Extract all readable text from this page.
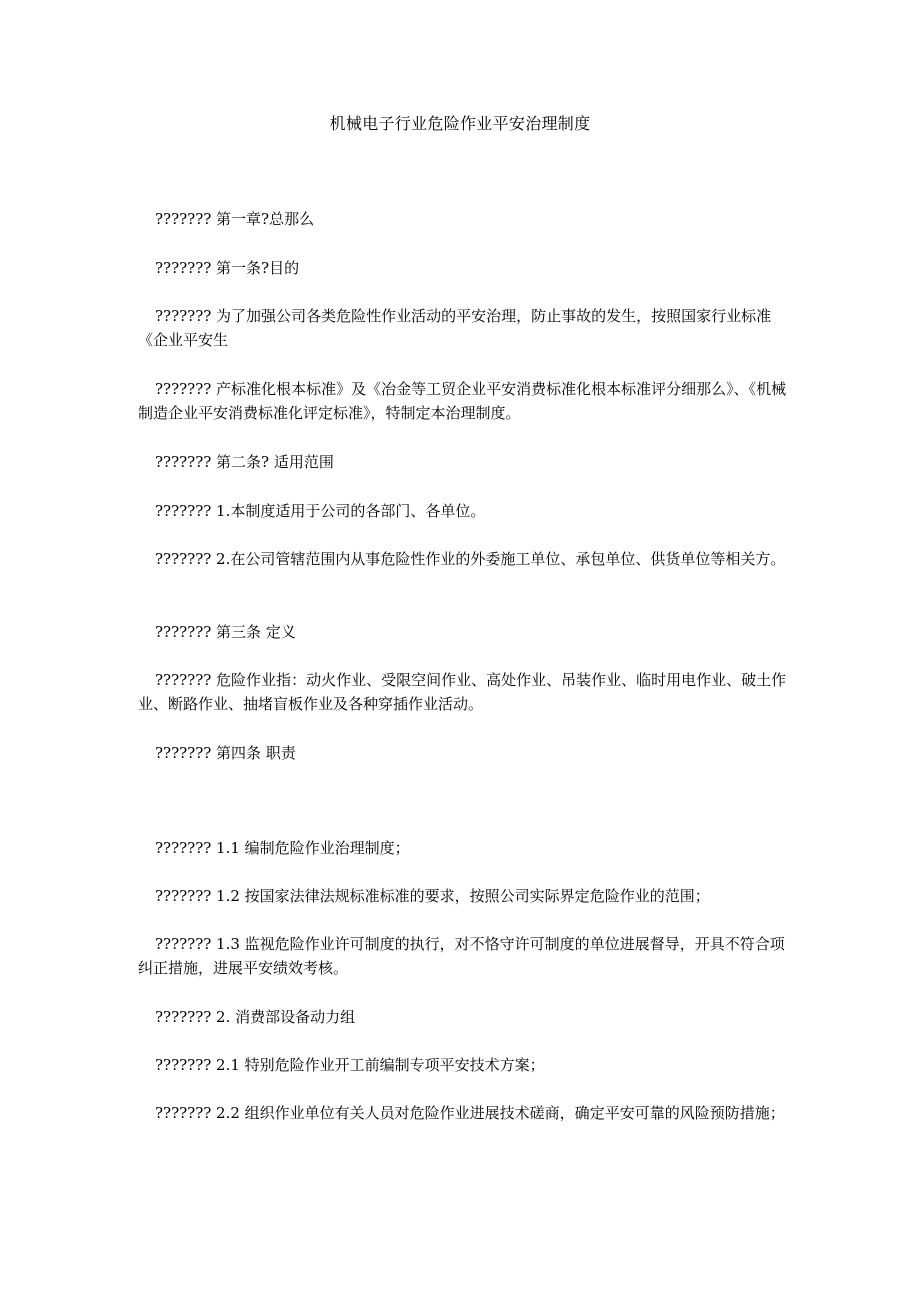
机械电子行业危险作业平安治理制度
??????? 第一章?总那么
??????? 第一条?目的
??????? 为了加强公司各类危险性作业活动的平安治理，防止事故的发生，按照国家行业标准《企业平安生
??????? 产标准化根本标准》及《冶金等工贸企业平安消费标准化根本标准评分细那么》、《机械制造企业平安消费标准化评定标准》，特制定本治理制度。
??????? 第二条? 适用范围
??????? 1.本制度适用于公司的各部门、各单位。
??????? 2.在公司管辖范围内从事危险性作业的外委施工单位、承包单位、供货单位等相关方。
??????? 第三条 定义
??????? 危险作业指：动火作业、受限空间作业、高处作业、吊装作业、临时用电作业、破土作业、断路作业、抽堵盲板作业及各种穿插作业活动。
??????? 第四条 职责
??????? 1.1 编制危险作业治理制度；
??????? 1.2 按国家法律法规标准标准的要求，按照公司实际界定危险作业的范围；
??????? 1.3 监视危险作业许可制度的执行，对不恪守许可制度的单位进展督导，开具不符合项纠正措施，进展平安绩效考核。
??????? 2. 消费部设备动力组
??????? 2.1 特别危险作业开工前编制专项平安技术方案；
??????? 2.2 组织作业单位有关人员对危险作业进展技术磋商，确定平安可靠的风险预防措施；
